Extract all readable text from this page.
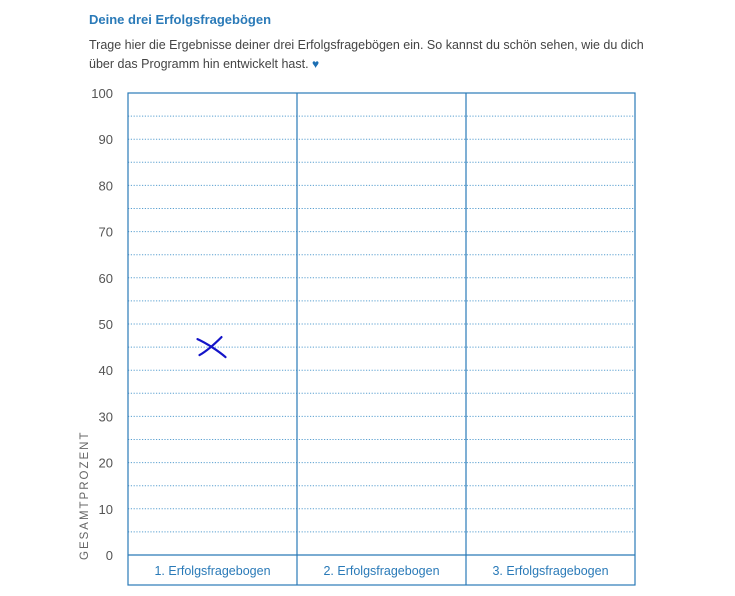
Deine drei Erfolgsfragebögen
Trage hier die Ergebnisse deiner drei Erfolgsfragebögen ein. So kannst du schön sehen, wie du dich über das Programm hin entwickelt hast. ♥
0
10
20
30
40
50
60
70
80
90
100
1. Erfolgsfragebogen	2. Erfolgsfragebogen	3. Erfolgsfragebogen
GESAMTPROZENT
